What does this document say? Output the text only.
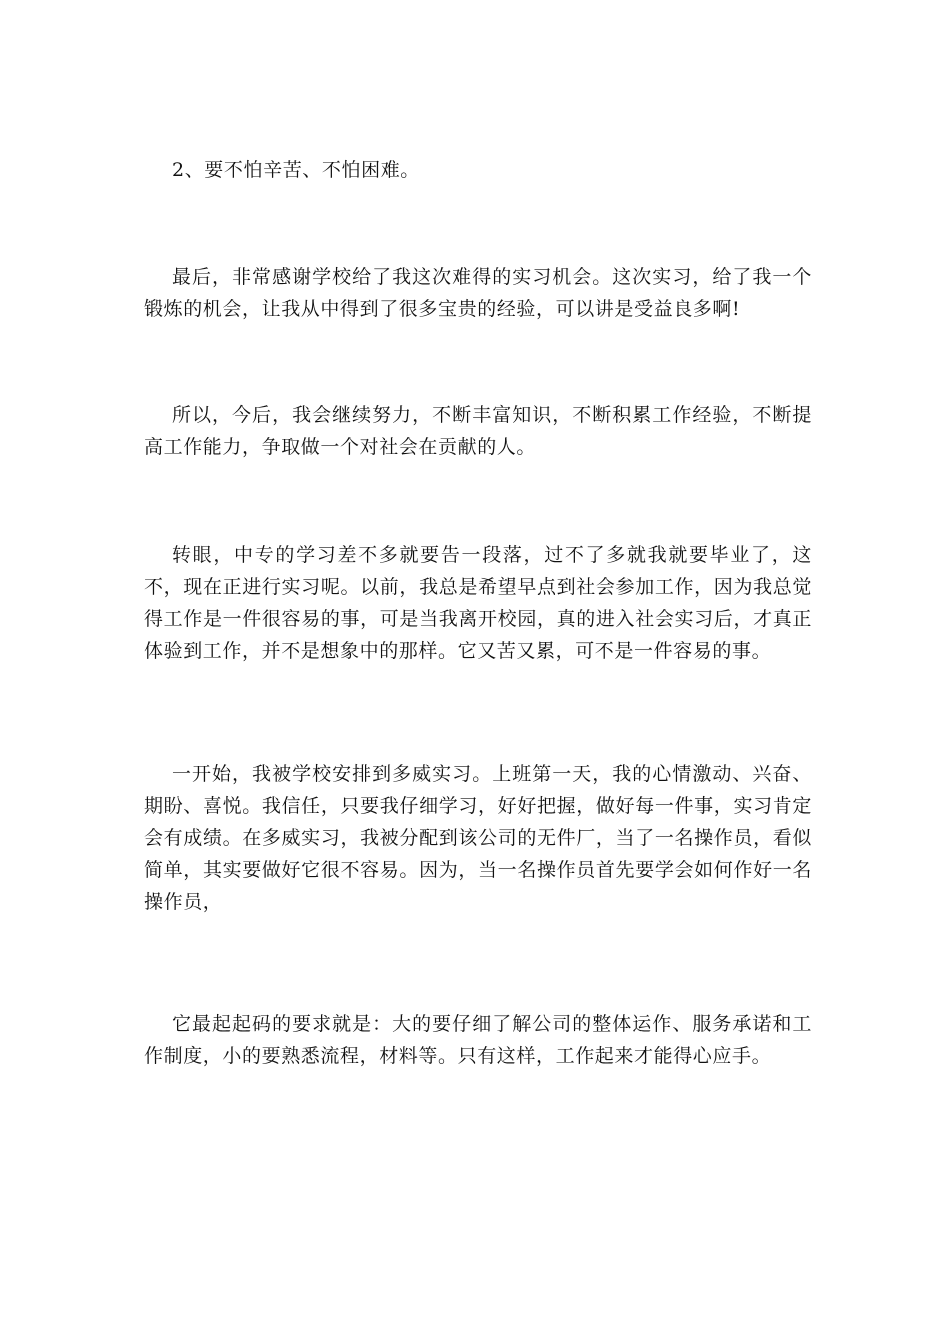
2、要不怕辛苦、不怕困难。

最后，非常感谢学校给了我这次难得的实习机会。这次实习，给了我一个锻炼的机会，让我从中得到了很多宝贵的经验，可以讲是受益良多啊!

所以，今后，我会继续努力，不断丰富知识，不断积累工作经验，不断提高工作能力，争取做一个对社会在贡献的人。

转眼，中专的学习差不多就要告一段落，过不了多就我就要毕业了，这不，现在正进行实习呢。以前，我总是希望早点到社会参加工作，因为我总觉得工作是一件很容易的事，可是当我离开校园，真的进入社会实习后，才真正体验到工作，并不是想象中的那样。它又苦又累，可不是一件容易的事。

一开始，我被学校安排到多威实习。上班第一天，我的心情激动、兴奋、期盼、喜悦。我信任，只要我仔细学习，好好把握，做好每一件事，实习肯定会有成绩。在多威实习，我被分配到该公司的无件厂，当了一名操作员，看似简单，其实要做好它很不容易。因为，当一名操作员首先要学会如何作好一名操作员，

它最起起码的要求就是：大的要仔细了解公司的整体运作、服务承诺和工作制度，小的要熟悉流程，材料等。只有这样，工作起来才能得心应手。
